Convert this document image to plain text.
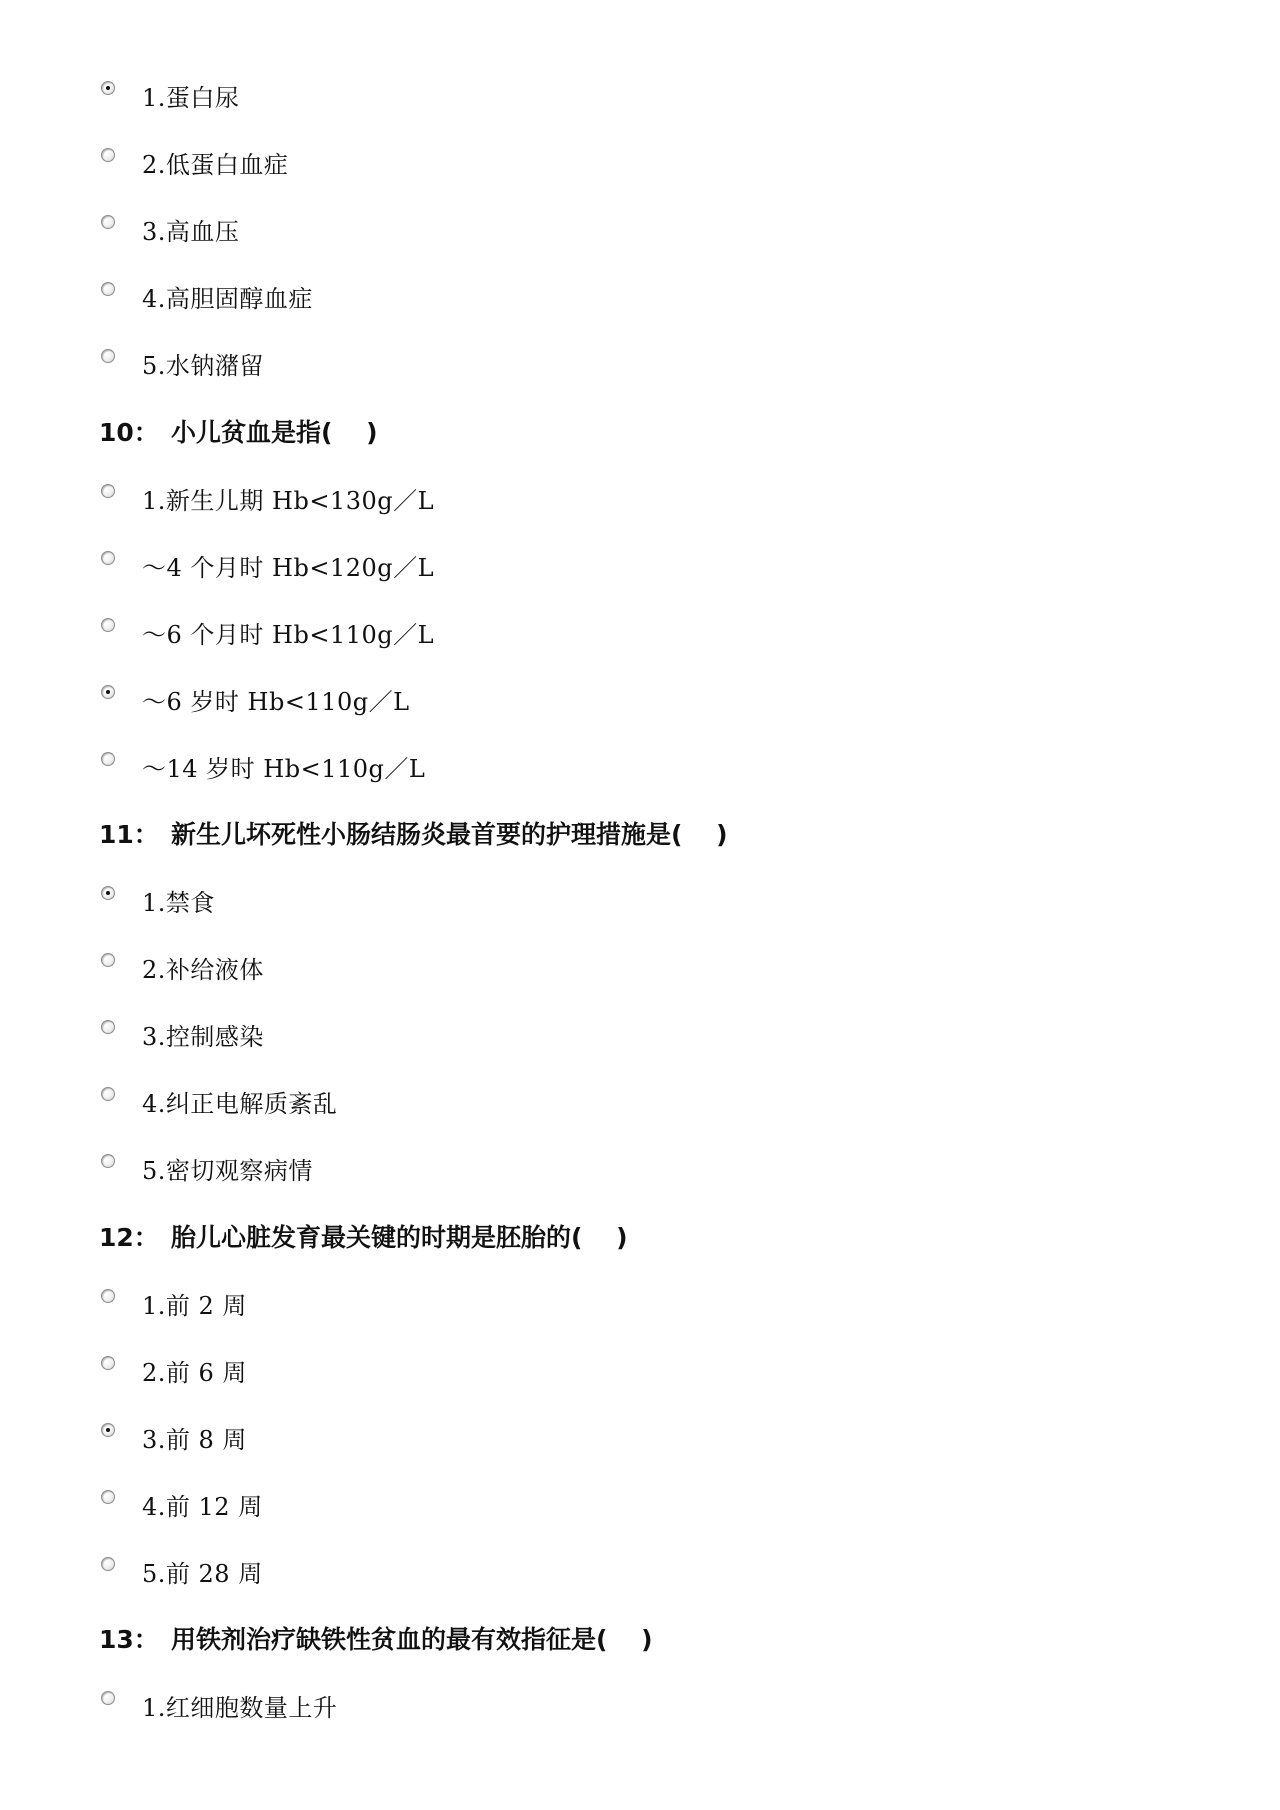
1.蛋白尿
2.低蛋白血症
3.高血压
4.高胆固醇血症
5.水钠潴留
10： 小儿贫血是指(　 )
1.新生儿期 Hb<130g／L
～4 个月时 Hb<120g／L
～6 个月时 Hb<110g／L
～6 岁时 Hb<110g／L
～14 岁时 Hb<110g／L
11： 新生儿坏死性小肠结肠炎最首要的护理措施是(　 )
1.禁食
2.补给液体
3.控制感染
4.纠正电解质紊乱
5.密切观察病情
12： 胎儿心脏发育最关键的时期是胚胎的(　 )
1.前 2 周
2.前 6 周
3.前 8 周
4.前 12 周
5.前 28 周
13： 用铁剂治疗缺铁性贫血的最有效指征是(　 )
1.红细胞数量上升
